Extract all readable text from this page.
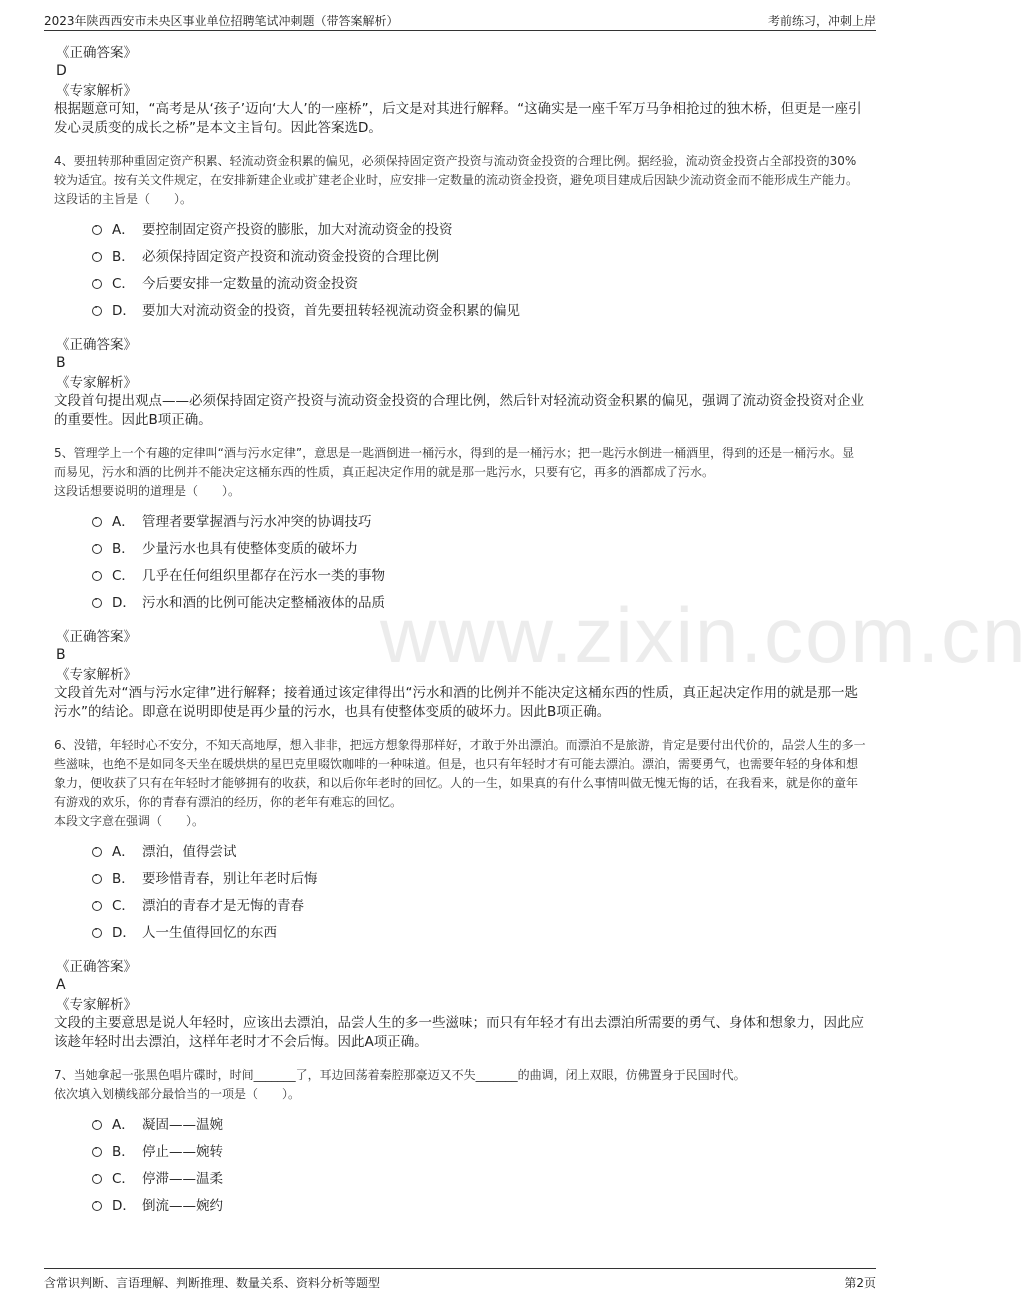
2023年陕西西安市未央区事业单位招聘笔试冲刺题（带答案解析）	考前练习，冲刺上岸
www.zixin.com.cn
《正确答案》
D
《专家解析》
根据题意可知，“高考是从‘孩子’迈向‘大人’的一座桥”，后文是对其进行解释。“这确实是一座千军万马争相抢过的独木桥，但更是一座引发心灵质变的成长之桥”是本文主旨句。因此答案选D。
4、要扭转那种重固定资产积累、轻流动资金积累的偏见，必须保持固定资产投资与流动资金投资的合理比例。据经验，流动资金投资占全部投资的30%较为适宜。按有关文件规定，在安排新建企业或扩建老企业时，应安排一定数量的流动资金投资，避免项目建成后因缺少流动资金而不能形成生产能力。
这段话的主旨是（　　）。
A． 要控制固定资产投资的膨胀，加大对流动资金的投资
B． 必须保持固定资产投资和流动资金投资的合理比例
C． 今后要安排一定数量的流动资金投资
D． 要加大对流动资金的投资，首先要扭转轻视流动资金积累的偏见
《正确答案》
B
《专家解析》
文段首句提出观点——必须保持固定资产投资与流动资金投资的合理比例，然后针对轻流动资金积累的偏见，强调了流动资金投资对企业的重要性。因此B项正确。
5、管理学上一个有趣的定律叫“酒与污水定律”，意思是一匙酒倒进一桶污水，得到的是一桶污水；把一匙污水倒进一桶酒里，得到的还是一桶污水。显而易见，污水和酒的比例并不能决定这桶东西的性质，真正起决定作用的就是那一匙污水，只要有它，再多的酒都成了污水。
这段话想要说明的道理是（　　）。
A． 管理者要掌握酒与污水冲突的协调技巧
B． 少量污水也具有使整体变质的破坏力
C． 几乎在任何组织里都存在污水一类的事物
D． 污水和酒的比例可能决定整桶液体的品质
《正确答案》
B
《专家解析》
文段首先对“酒与污水定律”进行解释；接着通过该定律得出“污水和酒的比例并不能决定这桶东西的性质，真正起决定作用的就是那一匙污水”的结论。即意在说明即使是再少量的污水，也具有使整体变质的破坏力。因此B项正确。
6、没错，年轻时心不安分，不知天高地厚，想入非非，把远方想象得那样好，才敢于外出漂泊。而漂泊不是旅游，肯定是要付出代价的，品尝人生的多一些滋味，也绝不是如同冬天坐在暖烘烘的星巴克里啜饮咖啡的一种味道。但是，也只有年轻时才有可能去漂泊。漂泊，需要勇气，也需要年轻的身体和想象力，便收获了只有在年轻时才能够拥有的收获，和以后你年老时的回忆。人的一生，如果真的有什么事情叫做无愧无悔的话，在我看来，就是你的童年有游戏的欢乐，你的青春有漂泊的经历，你的老年有难忘的回忆。
本段文字意在强调（　　）。
A． 漂泊，值得尝试
B． 要珍惜青春，别让年老时后悔
C． 漂泊的青春才是无悔的青春
D． 人一生值得回忆的东西
《正确答案》
A
《专家解析》
文段的主要意思是说人年轻时，应该出去漂泊，品尝人生的多一些滋味；而只有年轻才有出去漂泊所需要的勇气、身体和想象力，因此应该趁年轻时出去漂泊，这样年老时才不会后悔。因此A项正确。
7、当她拿起一张黑色唱片碟时，时间_______了，耳边回荡着秦腔那豪迈又不失_______的曲调，闭上双眼，仿佛置身于民国时代。
依次填入划横线部分最恰当的一项是（　　）。
A． 凝固——温婉
B． 停止——婉转
C． 停滞——温柔
D． 倒流——婉约
含常识判断、言语理解、判断推理、数量关系、资料分析等题型	第2页
